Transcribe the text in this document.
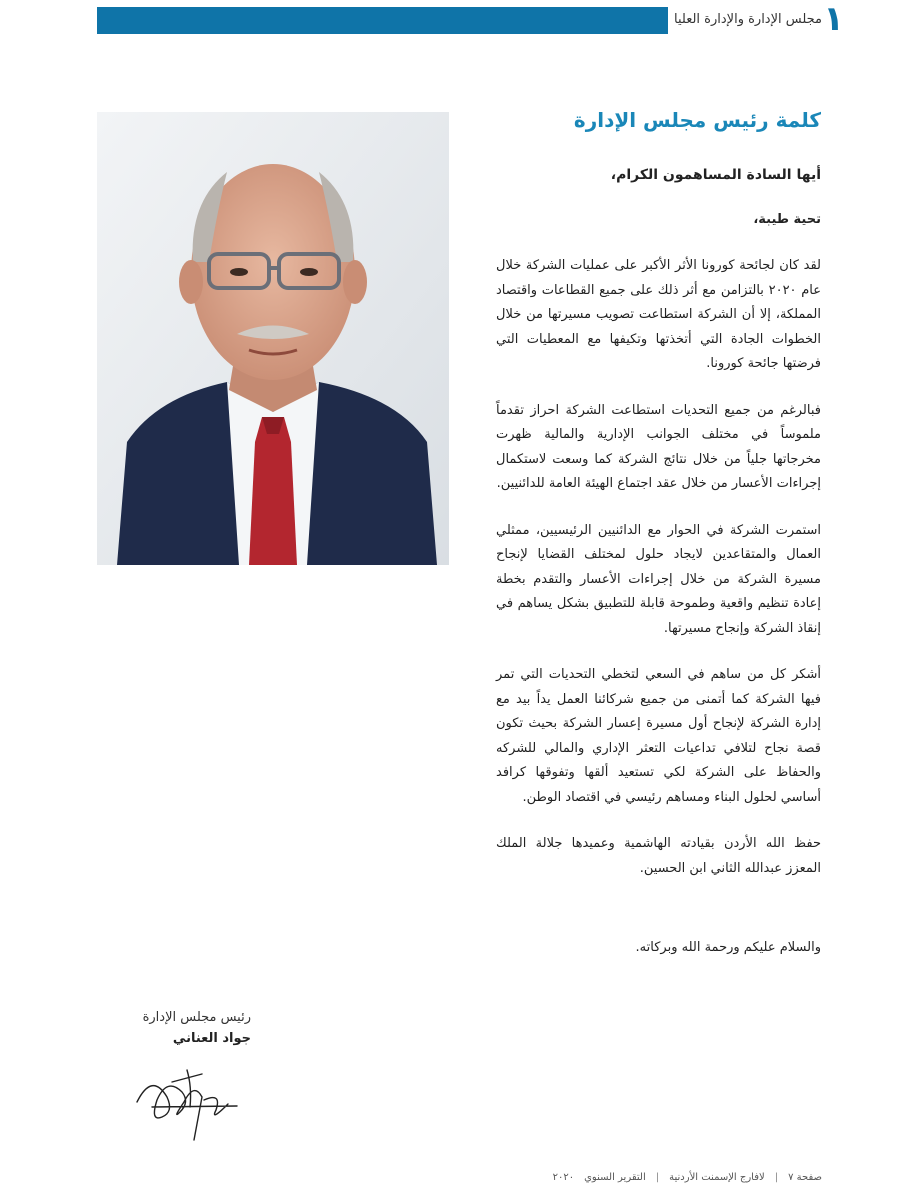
مجلس الإدارة والإدارة العليا ١
كلمة رئيس مجلس الإدارة

أيها السادة المساهمون الكرام،

تحية طيبة،

لقد كان لجائحة كورونا الأثر الأكبر على عمليات الشركة خلال عام ٢٠٢٠ بالتزامن مع أثر ذلك على جميع القطاعات واقتصاد المملكة، إلا أن الشركة استطاعت تصويب مسيرتها من خلال الخطوات الجادة التي أتخذتها وتكيفها مع المعطيات التي فرضتها جائحة كورونا.

فبالرغم من جميع التحديات استطاعت الشركة احراز تقدماً ملموساً في مختلف الجوانب الإدارية والمالية ظهرت مخرجاتها جلياً من خلال نتائج الشركة كما وسعت لاستكمال إجراءات الأعسار من خلال عقد اجتماع الهيئة العامة للدائنيين.

استمرت الشركة في الحوار مع الدائنيين الرئيسيين، ممثلي العمال والمتقاعدين لايجاد حلول لمختلف القضايا لإنجاح مسيرة الشركة من خلال إجراءات الأعسار والتقدم بخطة إعادة تنظيم واقعية وطموحة قابلة للتطبيق بشكل يساهم في إنقاذ الشركة وإنجاح مسيرتها.

أشكر كل من ساهم في السعي لتخطي التحديات التي تمر فيها الشركة كما أتمنى من جميع شركائنا العمل يداً بيد مع إدارة الشركة لإنجاح أول مسيرة إعسار الشركة بحيث تكون قصة نجاح لتلافي تداعيات التعثر الإداري والمالي للشركه والحفاظ على الشركة لكي تستعيد ألقها وتفوقها كرافد أساسي لحلول البناء ومساهم رئيسي في اقتصاد الوطن.

حفظ الله الأردن بقيادته الهاشمية وعميدها جلالة الملك المعزز عبدالله الثاني ابن الحسين.

والسلام عليكم ورحمة الله وبركاته.

رئيس مجلس الإدارة
جواد العناني
صفحة ٧
|
لافارج الإسمنت الأردنية
|
التقرير السنوي
٢٠٢٠
